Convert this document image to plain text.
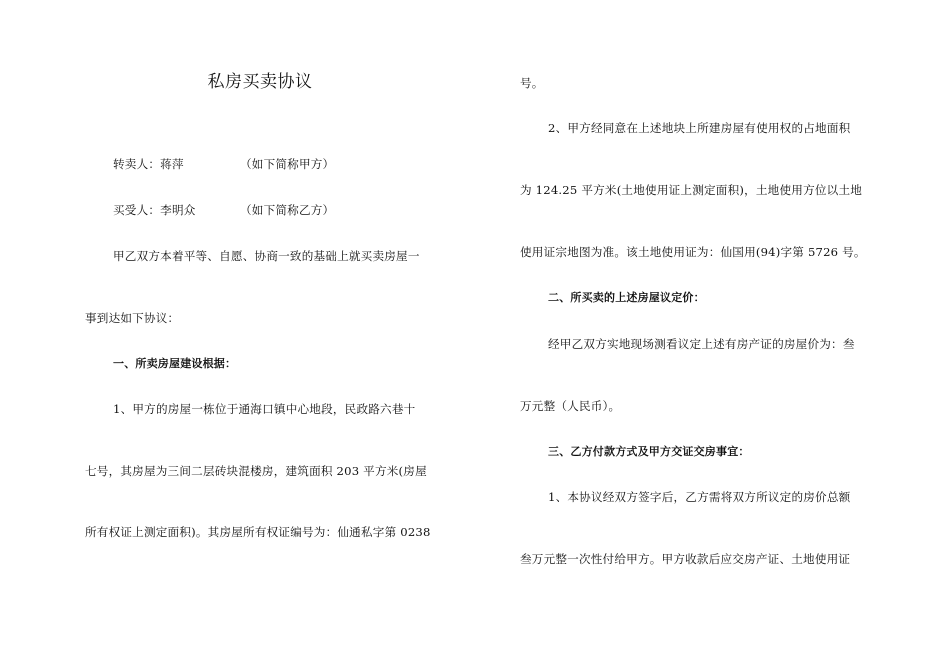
私房买卖协议
转卖人：蒋萍	（如下简称甲方）
买受人：李明众	（如下简称乙方）
甲乙双方本着平等、自愿、协商一致的基础上就买卖房屋一
事到达如下协议：
一、所卖房屋建设根据：
1、甲方的房屋一栋位于通海口镇中心地段，民政路六巷十
七号，其房屋为三间二层砖块混楼房，建筑面积 203 平方米(房屋
所有权证上测定面积)。其房屋所有权证编号为：仙通私字第 0238
号。
2、甲方经同意在上述地块上所建房屋有使用权的占地面积
为 124.25 平方米(土地使用证上测定面积)，土地使用方位以土地
使用证宗地图为准。该土地使用证为：仙国用(94)字第 5726 号。
二、所买卖的上述房屋议定价：
经甲乙双方实地现场测看议定上述有房产证的房屋价为：叁
万元整（人民币）。
三、乙方付款方式及甲方交证交房事宜：
1、本协议经双方签字后，乙方需将双方所议定的房价总额
叁万元整一次性付给甲方。甲方收款后应交房产证、土地使用证
